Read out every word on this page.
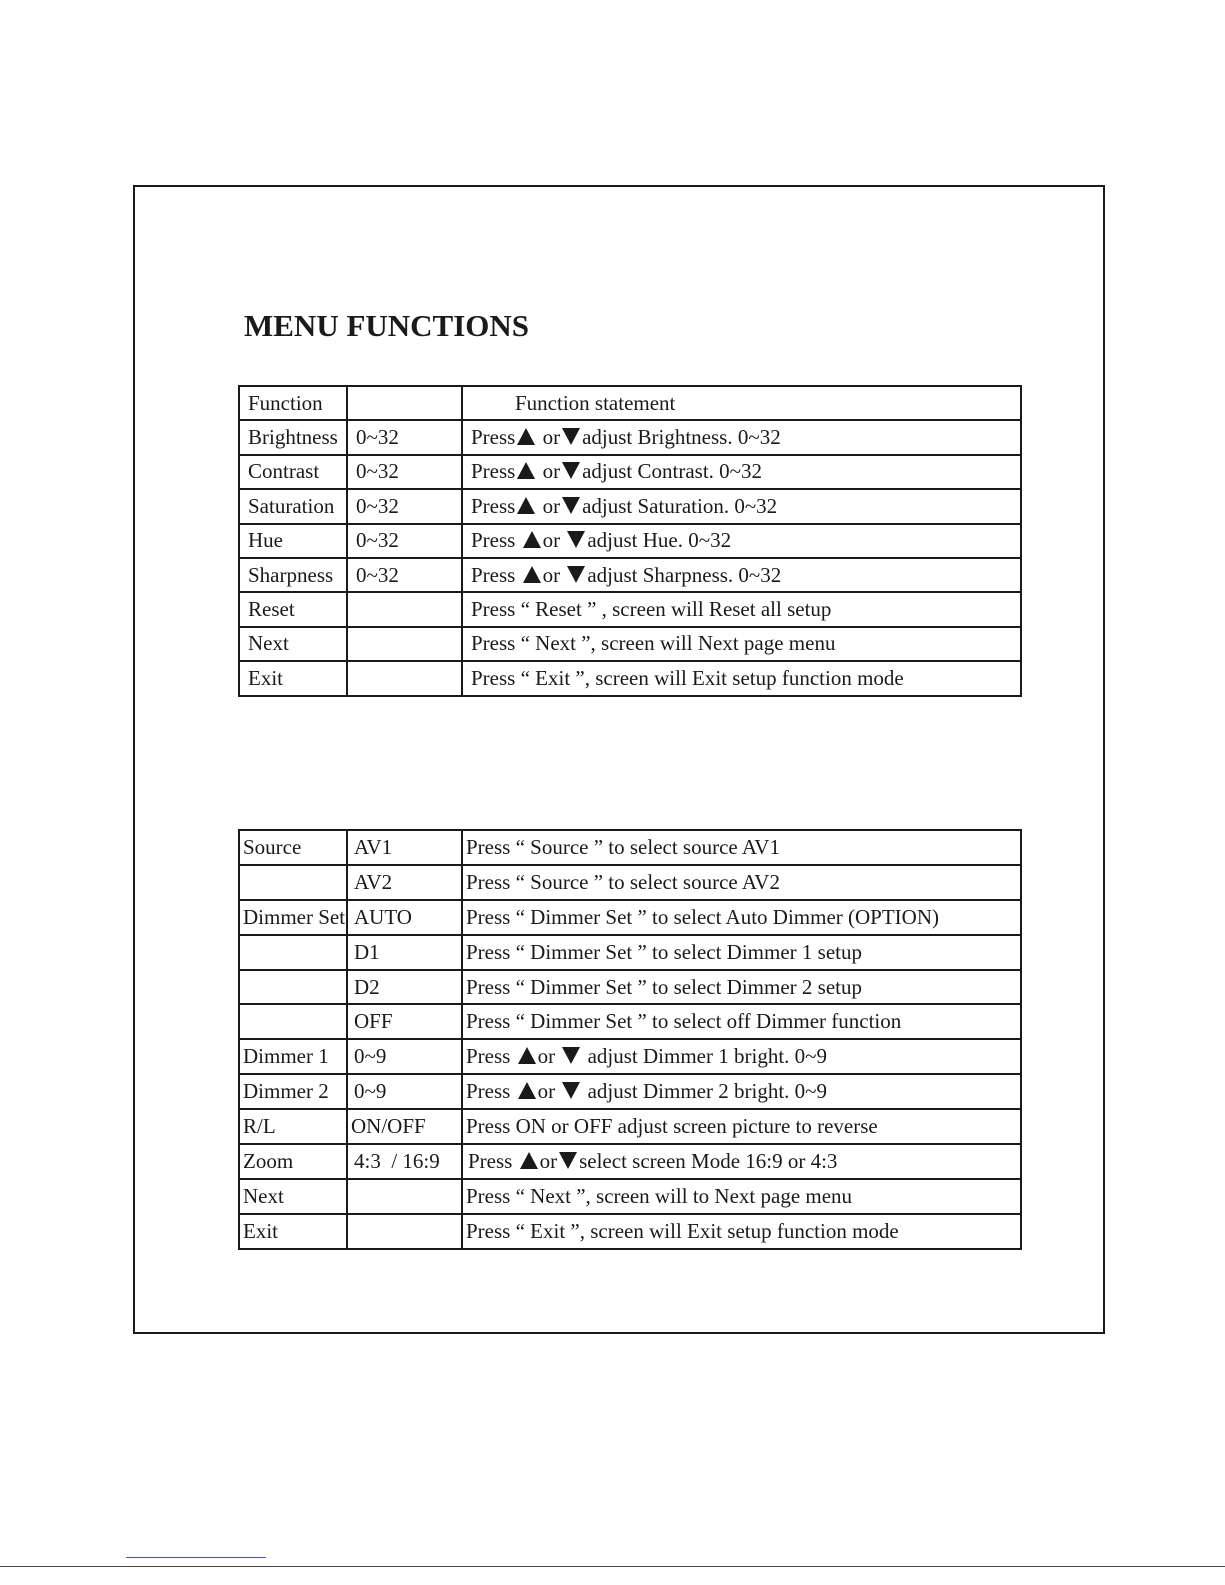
MENU FUNCTIONS
Function		Function statement
Brightness	0~32	Press or adjust Brightness. 0~32
Contrast	0~32	Press or adjust Contrast. 0~32
Saturation	0~32	Press or adjust Saturation. 0~32
Hue	0~32	Press or adjust Hue. 0~32
Sharpness	0~32	Press or adjust Sharpness. 0~32
Reset		Press “ Reset ” , screen will Reset all setup
Next		Press “ Next ”, screen will Next page menu
Exit		Press “ Exit ”, screen will Exit setup function mode
Source	AV1	Press “ Source ” to select source AV1
	AV2	Press “ Source ” to select source AV2
Dimmer Set	AUTO	Press “ Dimmer Set ” to select Auto Dimmer (OPTION)
	D1	Press “ Dimmer Set ” to select Dimmer 1 setup
	D2	Press “ Dimmer Set ” to select Dimmer 2 setup
	OFF	Press “ Dimmer Set ” to select off Dimmer function
Dimmer 1	0~9	Press or adjust Dimmer 1 bright. 0~9
Dimmer 2	0~9	Press or adjust Dimmer 2 bright. 0~9
R/L	ON/OFF	Press ON or OFF adjust screen picture to reverse
Zoom	4:3  / 16:9	Press or select screen Mode 16:9 or 4:3
Next		Press “ Next ”, screen will to Next page menu
Exit		Press “ Exit ”, screen will Exit setup function mode
